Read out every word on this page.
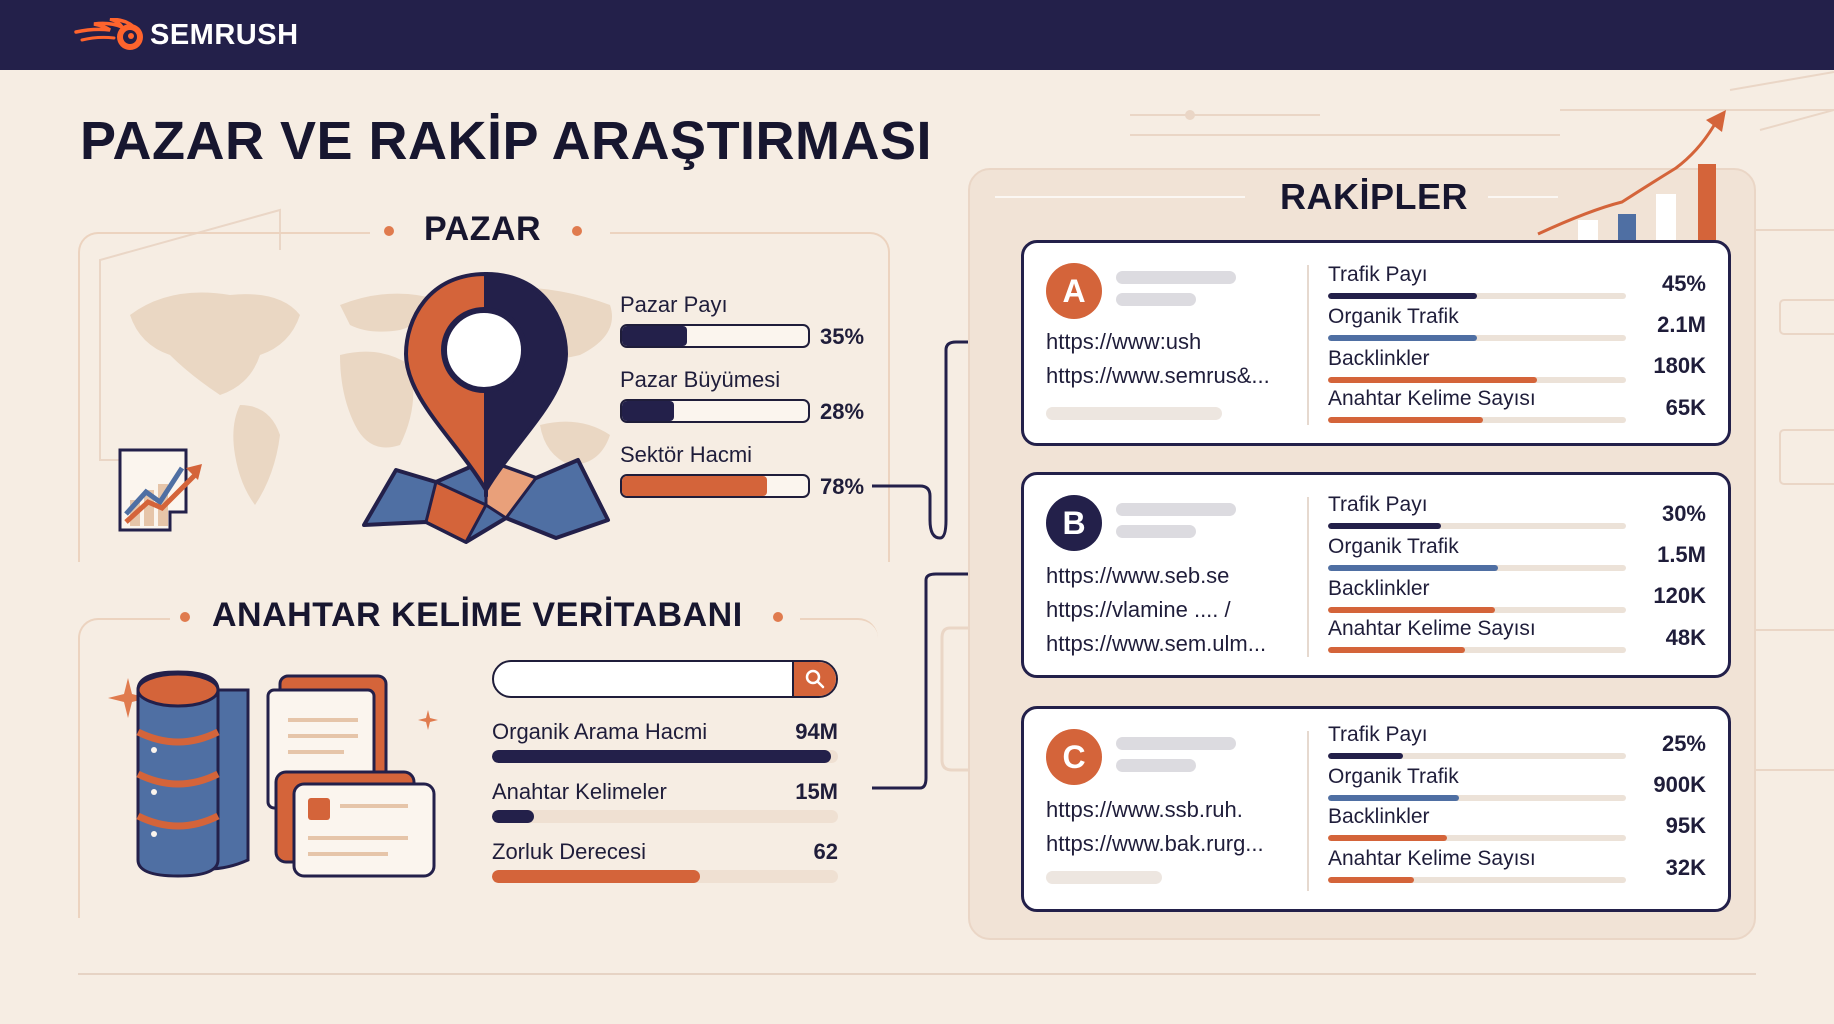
SEMRUSH
PAZAR VE RAKİP ARAŞTIRMASI
PAZAR
Pazar Payı
35%
Pazar Büyümesi
28%
Sektör Hacmi
78%
ANAHTAR KELİME VERİTABANI
Organik Arama Hacmi	94M
Anahtar Kelimeler	15M
Zorluk Derecesi	62
RAKİPLER
A
https://www:ush
https://www.semrus&...
Trafik Payı	45%
Organik Trafik	2.1M
Backlinkler	180K
Anahtar Kelime Sayısı	65K
B
https://www.seb.se
https://vlamine .... /
https://www.sem.ulm...
Trafik Payı	30%
Organik Trafik	1.5M
Backlinkler	120K
Anahtar Kelime Sayısı	48K
C
https://www.ssb.ruh.
https://www.bak.rurg...
Trafik Payı	25%
Organik Trafik	900K
Backlinkler	95K
Anahtar Kelime Sayısı	32K
